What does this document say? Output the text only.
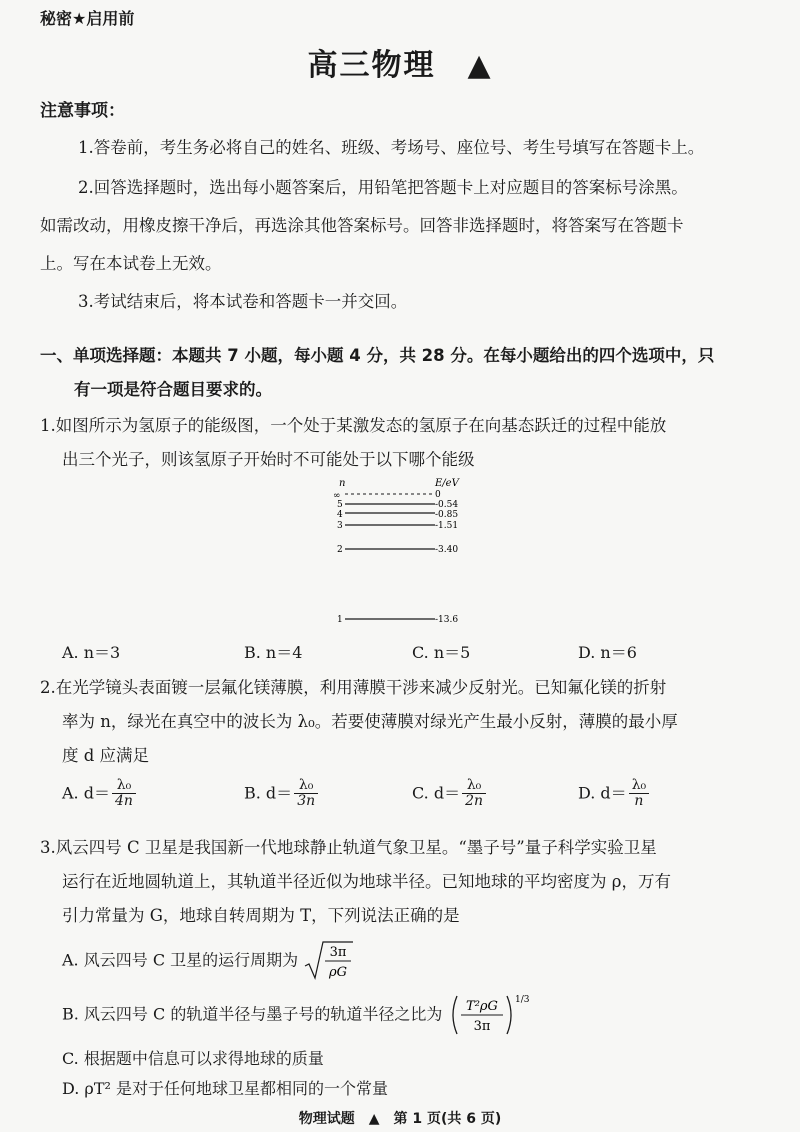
秘密★启用前
高三物理　▲
注意事项：
1.答卷前，考生务必将自己的姓名、班级、考场号、座位号、考生号填写在答题卡上。
2.回答选择题时，选出每小题答案后，用铅笔把答题卡上对应题目的答案标号涂黑。
如需改动，用橡皮擦干净后，再选涂其他答案标号。回答非选择题时，将答案写在答题卡
上。写在本试卷上无效。
3.考试结束后，将本试卷和答题卡一并交回。
一、单项选择题：本题共 7 小题，每小题 4 分，共 28 分。在每小题给出的四个选项中，只
有一项是符合题目要求的。
1.如图所示为氢原子的能级图，一个处于某激发态的氢原子在向基态跃迁的过程中能放
出三个光子，则该氢原子开始时不可能处于以下哪个能级
n	E/eV
∞	0
5	-0.54
4	-0.85
3	-1.51
2	-3.40
1	-13.6
A. n＝3	B. n＝4	C. n＝5	D. n＝6
2.在光学镜头表面镀一层氟化镁薄膜，利用薄膜干涉来减少反射光。已知氟化镁的折射
率为 n，绿光在真空中的波长为 λ₀。若要使薄膜对绿光产生最小反射，薄膜的最小厚
度 d 应满足
A. $d= \frac{\text{λ₀}}{4n}$	B. $d= \frac{\text{λ₀}}{3n}$	C. $d= \frac{\text{λ₀}}{2n}$	D. $d= \frac{\text{λ₀}}{n}$
3.风云四号 C 卫星是我国新一代地球静止轨道气象卫星。“墨子号”量子科学实验卫星
运行在近地圆轨道上，其轨道半径近似为地球半径。已知地球的平均密度为 ρ，万有
引力常量为 G，地球自转周期为 T，下列说法正确的是
A. 风云四号 C 卫星的运行周期为 3π
ρG
B. 风云四号 C 的轨道半径与墨子号的轨道半径之比为 T²ρG
3π
1/3
C. 根据题中信息可以求得地球的质量
D. ρT² 是对于任何地球卫星都相同的一个常量
物理试题　▲　第 1 页(共 6 页)
